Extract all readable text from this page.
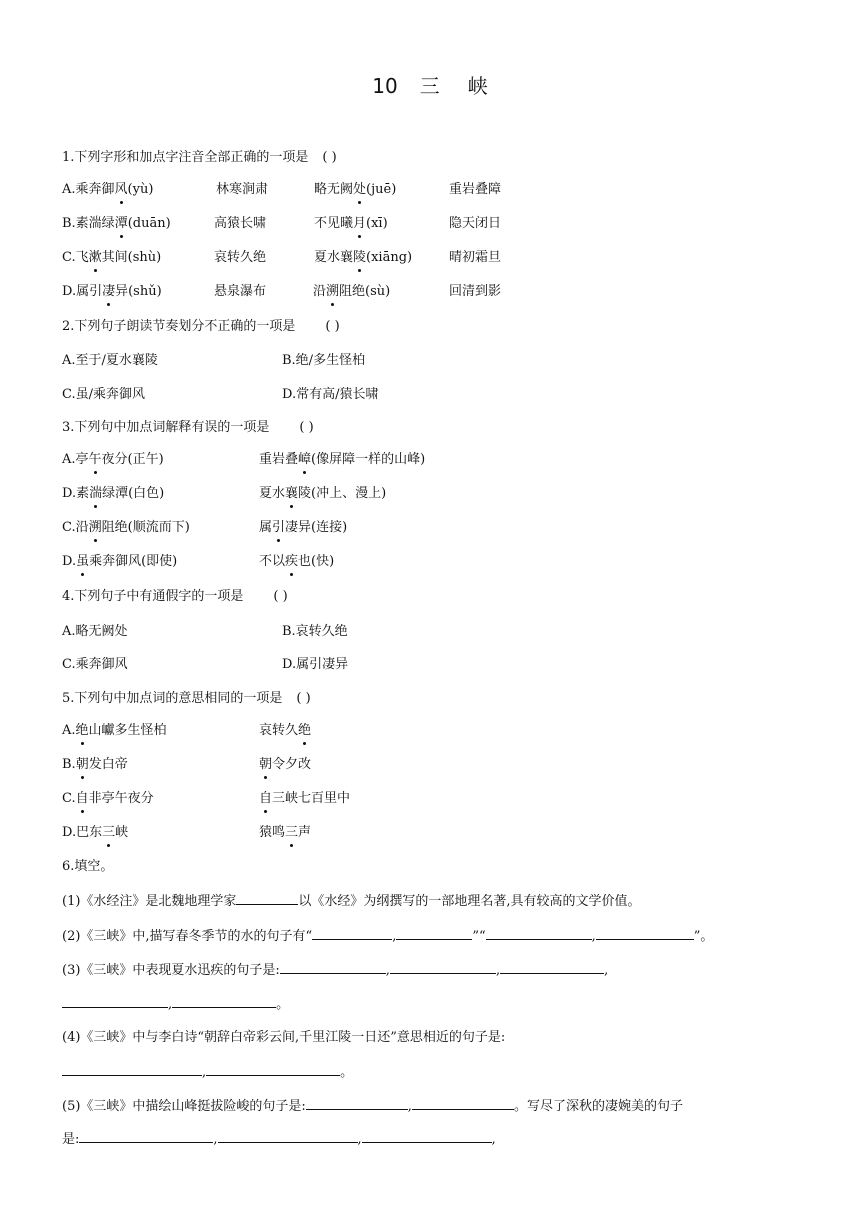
10 三 峡
1.下列字形和加点字注音全部正确的一项是 ( )
A.乘奔御风(yù)	林寒涧肃	略无阙处(juē)	重岩叠障
B.素湍绿潭(duān)	高猿长啸	不见曦月(xī)	隐天闭日
C.飞漱其间(shù)	哀转久绝	夏水襄陵(xiāng)	晴初霜旦
D.属引凄异(shǔ)	悬泉瀑布	沿溯阻绝(sù)	回清到影
2.下列句子朗读节奏划分不正确的一项是 ( )
A.至于/夏水襄陵	B.绝/多生怪柏
C.虽/乘奔御风	D.常有高/猿长啸
3.下列句中加点词解释有误的一项是 ( )
A.亭午夜分(正午)	重岩叠嶂(像屏障一样的山峰)
D.素湍绿潭(白色)	夏水襄陵(冲上、漫上)
C.沿溯阻绝(顺流而下)	属引凄异(连接)
D.虽乘奔御风(即使)	不以疾也(快)
4.下列句子中有通假字的一项是 ( )
A.略无阙处	B.哀转久绝
C.乘奔御风	D.属引凄异
5.下列句中加点词的意思相同的一项是 ( )
A.绝山巘多生怪柏	哀转久绝
B.朝发白帝	朝令夕改
C.自非亭午夜分	自三峡七百里中
D.巴东三峡	猿鸣三声
6.填空。
(1)《水经注》是北魏地理学家	以《水经》为纲撰写的一部地理名著,具有较高的文学价值。
(2)《三峡》中,描写春冬季节的水的句子有“	,	”“	,	”。
(3)《三峡》中表现夏水迅疾的句子是:	,	,	,
,	。
(4)《三峡》中与李白诗“朝辞白帝彩云间,千里江陵一日还”意思相近的句子是:
,	。
(5)《三峡》中描绘山峰挺拔险峻的句子是:	,	。写尽了深秋的凄婉美的句子
是:	,	,	,
